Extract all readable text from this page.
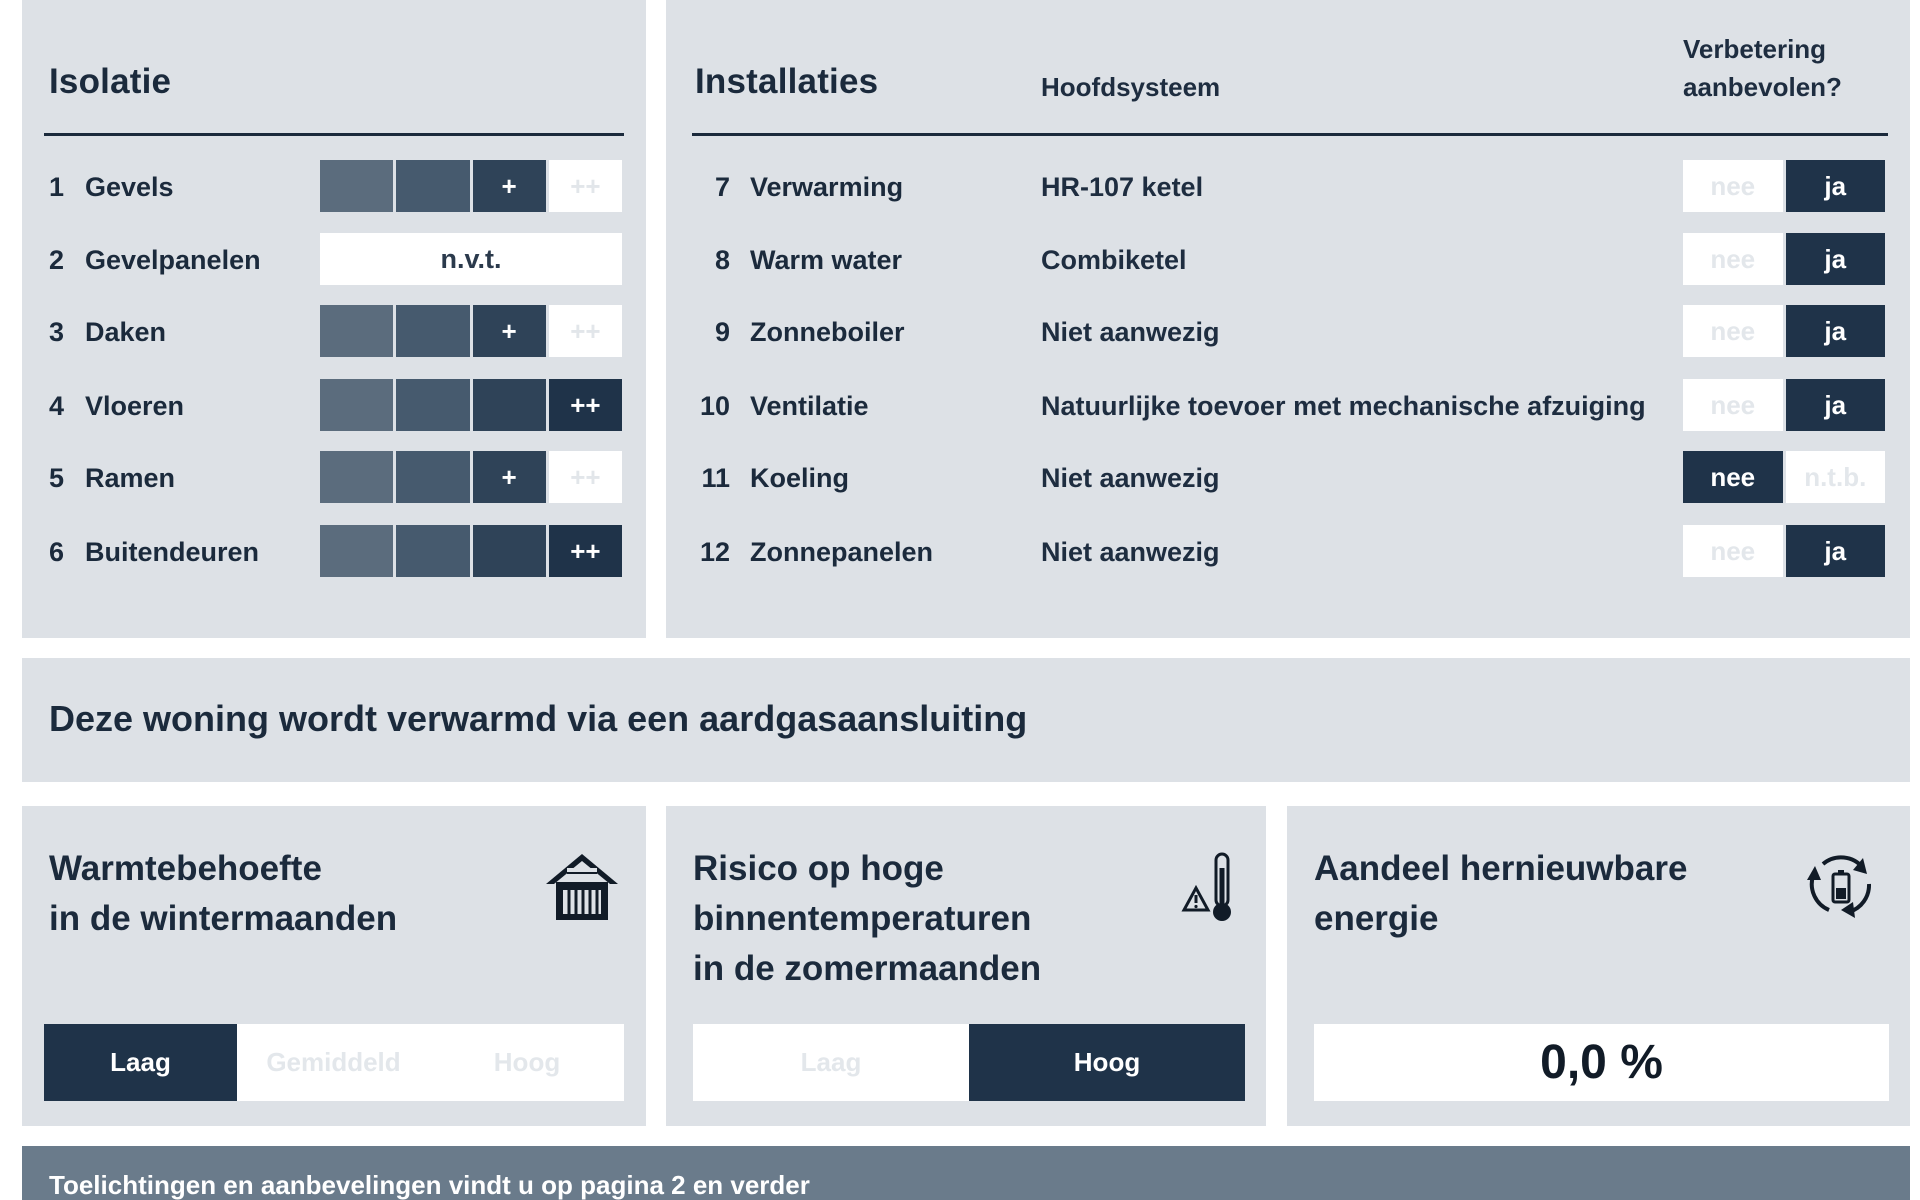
Isolatie
1 Gevels	+	++
2 Gevelpanelen	n.v.t.
3 Daken	+	++
4 Vloeren	++
5 Ramen	+	++
6 Buitendeuren	++
Installaties	Hoofdsysteem
Verbetering
aanbevolen?
7 Verwarming	HR-107 ketel	nee	ja
8 Warm water	Combiketel	nee	ja
9 Zonneboiler	Niet aanwezig	nee	ja
10 Ventilatie	Natuurlijke toevoer met mechanische afzuiging	nee	ja
11 Koeling	Niet aanwezig	nee	n.t.b.
12 Zonnepanelen	Niet aanwezig	nee	ja
Deze woning wordt verwarmd via een aardgasaansluiting
Warmtebehoefte
in de wintermaanden
Laag	Gemiddeld	Hoog
Risico op hoge
binnentemperaturen
in de zomermaanden
Laag	Hoog
Aandeel hernieuwbare
energie
0,0 %
Toelichtingen en aanbevelingen vindt u op pagina 2 en verder
